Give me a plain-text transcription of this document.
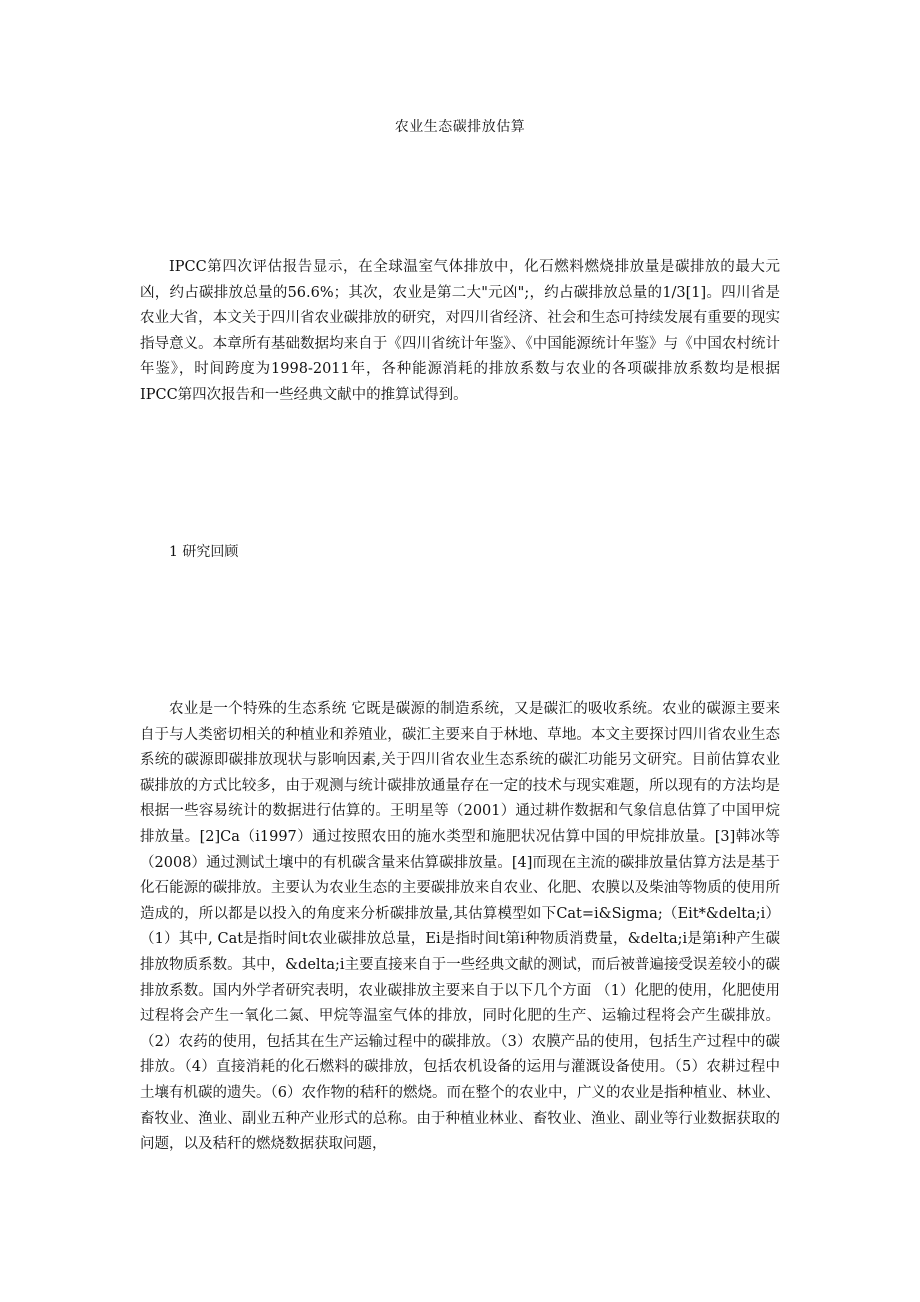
农业生态碳排放估算

IPCC第四次评估报告显示，在全球温室气体排放中，化石燃料燃烧排放量是碳排放的最大元凶，约占碳排放总量的56.6%；其次，农业是第二大"元凶";，约占碳排放总量的1/3[1]。四川省是农业大省，本文关于四川省农业碳排放的研究，对四川省经济、社会和生态可持续发展有重要的现实指导意义。本章所有基础数据均来自于《四川省统计年鉴》、《中国能源统计年鉴》与《中国农村统计年鉴》，时间跨度为1998-2011年，各种能源消耗的排放系数与农业的各项碳排放系数均是根据IPCC第四次报告和一些经典文献中的推算试得到。

1 研究回顾

农业是一个特殊的生态系统 它既是碳源的制造系统，又是碳汇的吸收系统。农业的碳源主要来自于与人类密切相关的种植业和养殖业，碳汇主要来自于林地、草地。本文主要探讨四川省农业生态系统的碳源即碳排放现状与影响因素,关于四川省农业生态系统的碳汇功能另文研究。目前估算农业碳排放的方式比较多，由于观测与统计碳排放通量存在一定的技术与现实难题，所以现有的方法均是根据一些容易统计的数据进行估算的。王明星等（2001）通过耕作数据和气象信息估算了中国甲烷排放量。[2]Ca（i1997）通过按照农田的施水类型和施肥状况估算中国的甲烷排放量。[3]韩冰等（2008）通过测试土壤中的有机碳含量来估算碳排放量。[4]而现在主流的碳排放量估算方法是基于化石能源的碳排放。主要认为农业生态的主要碳排放来自农业、化肥、农膜以及柴油等物质的使用所造成的，所以都是以投入的角度来分析碳排放量,其估算模型如下Cat=i&Sigma;（Eit*&delta;i）（1）其中, Cat是指时间t农业碳排放总量，Ei是指时间t第i种物质消费量，&delta;i是第i种产生碳排放物质系数。其中，&delta;i主要直接来自于一些经典文献的测试，而后被普遍接受误差较小的碳排放系数。国内外学者研究表明，农业碳排放主要来自于以下几个方面 （1）化肥的使用，化肥使用过程将会产生一氧化二氮、甲烷等温室气体的排放，同时化肥的生产、运输过程将会产生碳排放。（2）农药的使用，包括其在生产运输过程中的碳排放。（3）农膜产品的使用，包括生产过程中的碳排放。（4）直接消耗的化石燃料的碳排放，包括农机设备的运用与灌溉设备使用。（5）农耕过程中土壤有机碳的遗失。（6）农作物的秸秆的燃烧。而在整个的农业中，广义的农业是指种植业、林业、畜牧业、渔业、副业五种产业形式的总称。由于种植业林业、畜牧业、渔业、副业等行业数据获取的问题，以及秸秆的燃烧数据获取问题，
